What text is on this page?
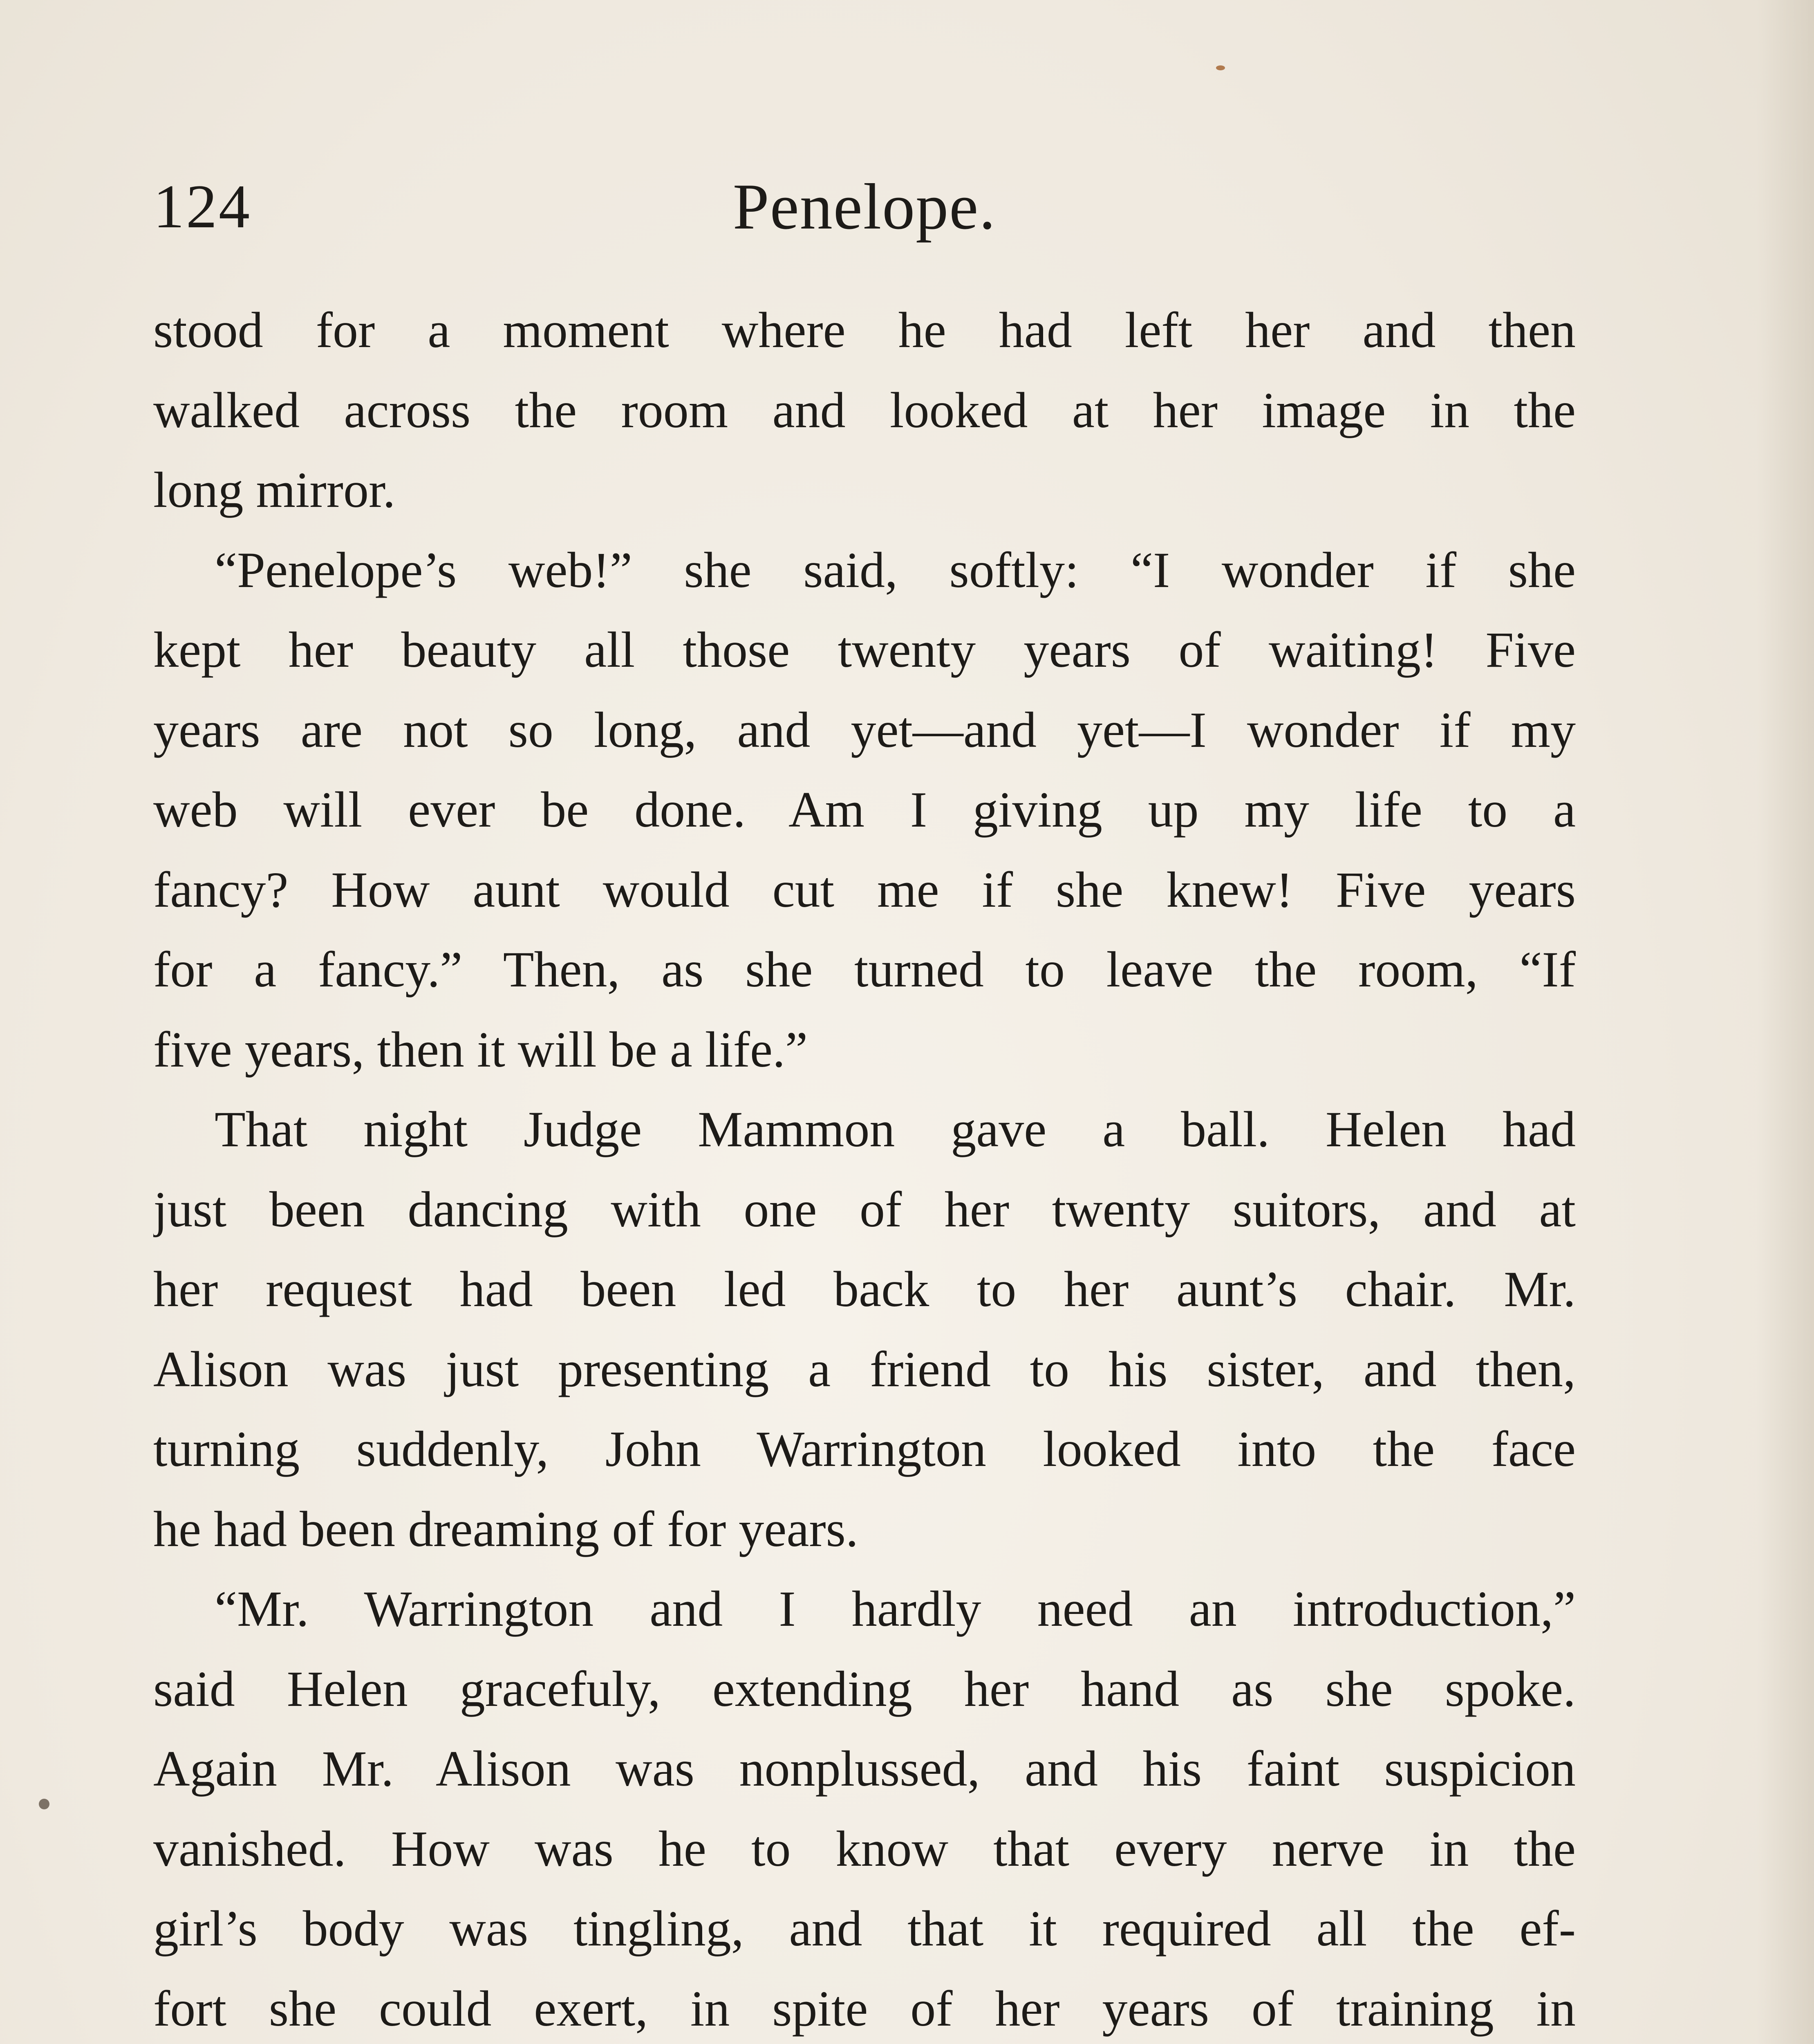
124	Penelope.
stood for a moment where he had left her and then
walked across the room and looked at her image in the
long mirror.
“Penelope’s web!” she said, softly: “I wonder if she
kept her beauty all those twenty years of waiting! Five
years are not so long, and yet—and yet—I wonder if my
web will ever be done. Am I giving up my life to a
fancy? How aunt would cut me if she knew! Five years
for a fancy.” Then, as she turned to leave the room, “If
five years, then it will be a life.”
That night Judge Mammon gave a ball. Helen had
just been dancing with one of her twenty suitors, and at
her request had been led back to her aunt’s chair. Mr.
Alison was just presenting a friend to his sister, and then,
turning suddenly, John Warrington looked into the face
he had been dreaming of for years.
“Mr. Warrington and I hardly need an introduction,”
said Helen gracefuly, extending her hand as she spoke.
Again Mr. Alison was nonplussed, and his faint suspicion
vanished. How was he to know that every nerve in the
girl’s body was tingling, and that it required all the ef-
fort she could exert, in spite of her years of training in
